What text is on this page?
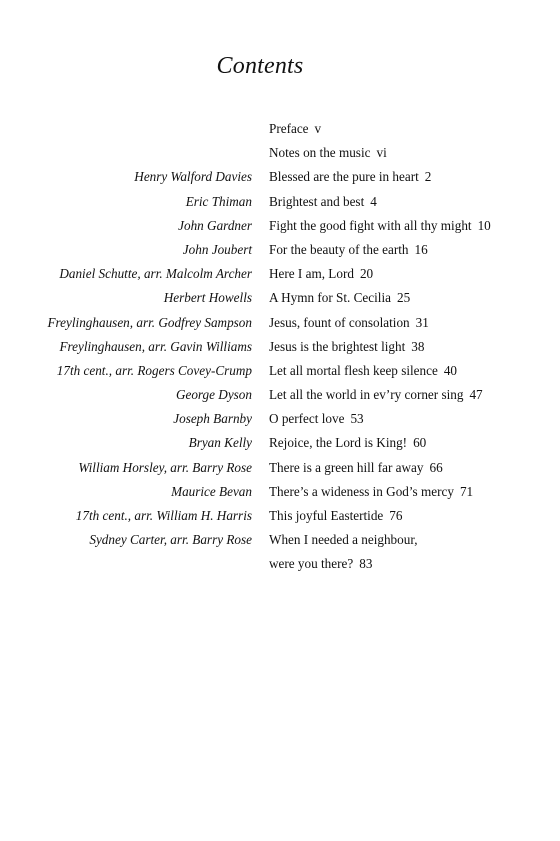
Contents
Preface v
Notes on the music vi
Henry Walford Davies Blessed are the pure in heart 2
Eric Thiman Brightest and best 4
John Gardner Fight the good fight with all thy might 10
John Joubert For the beauty of the earth 16
Daniel Schutte, arr. Malcolm Archer Here I am, Lord 20
Herbert Howells A Hymn for St. Cecilia 25
Freylinghausen, arr. Godfrey Sampson Jesus, fount of consolation 31
Freylinghausen, arr. Gavin Williams Jesus is the brightest light 38
17th cent., arr. Rogers Covey-Crump Let all mortal flesh keep silence 40
George Dyson Let all the world in ev’ry corner sing 47
Joseph Barnby O perfect love 53
Bryan Kelly Rejoice, the Lord is King! 60
William Horsley, arr. Barry Rose There is a green hill far away 66
Maurice Bevan There’s a wideness in God’s mercy 71
17th cent., arr. William H. Harris This joyful Eastertide 76
Sydney Carter, arr. Barry Rose When I needed a neighbour,
were you there? 83
